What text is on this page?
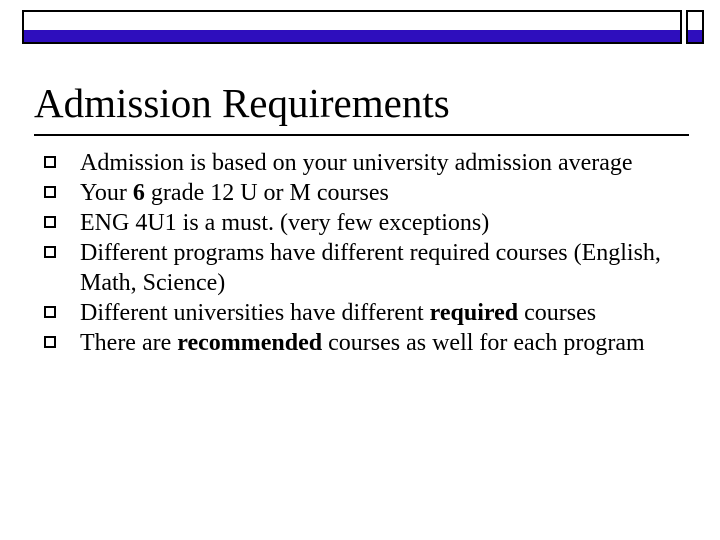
Admission Requirements
Admission is based on your university admission average
Your 6 grade 12 U or M courses
ENG 4U1 is a must. (very few exceptions)
Different programs have different required courses (English, Math, Science)
Different universities have different required courses
There are recommended courses as well for each program
